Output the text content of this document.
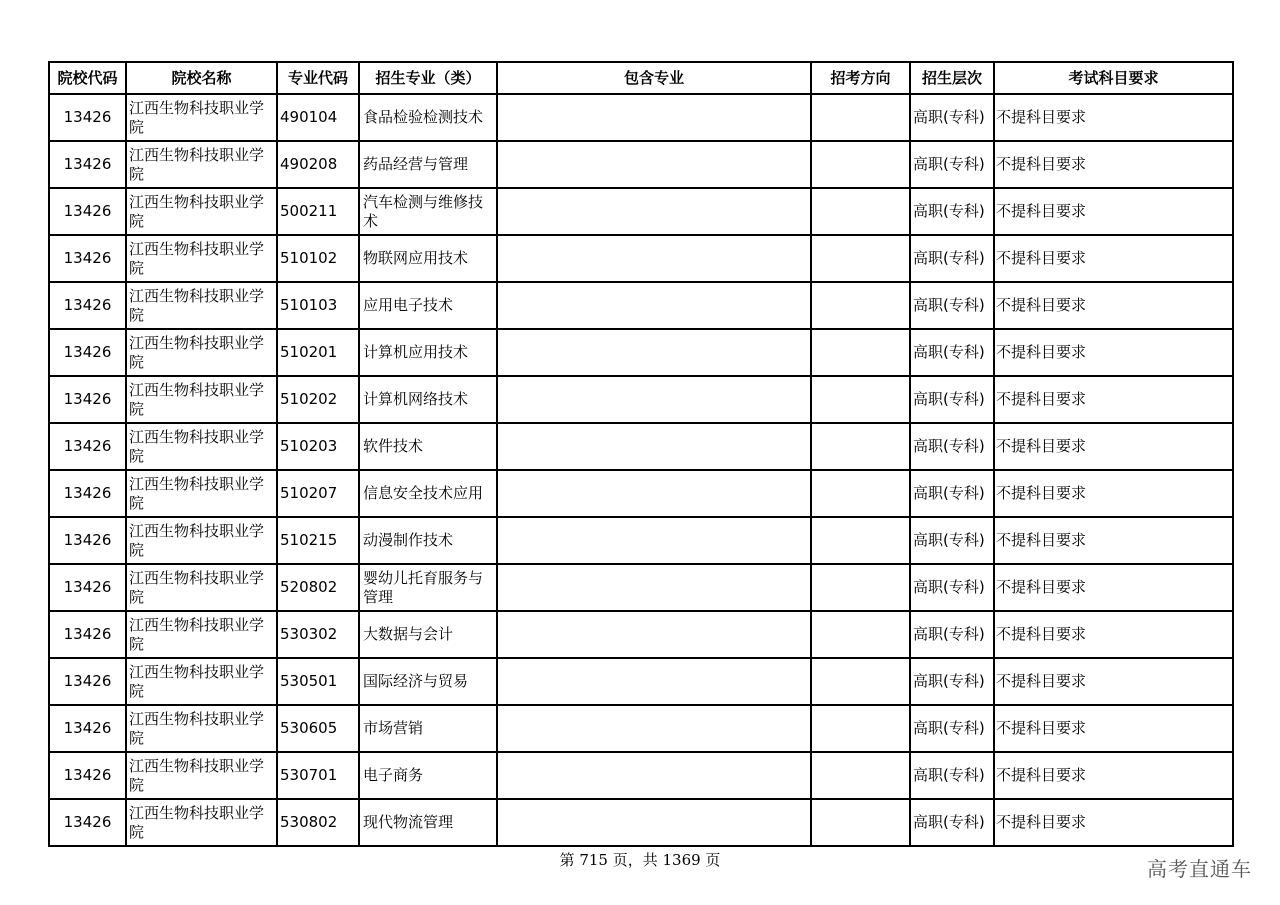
院校代码	院校名称	专业代码	招生专业（类）	包含专业	招考方向	招生层次	考试科目要求
13426	江西生物科技职业学院	490104	食品检验检测技术			高职(专科)	不提科目要求
13426	江西生物科技职业学院	490208	药品经营与管理			高职(专科)	不提科目要求
13426	江西生物科技职业学院	500211	汽车检测与维修技术			高职(专科)	不提科目要求
13426	江西生物科技职业学院	510102	物联网应用技术			高职(专科)	不提科目要求
13426	江西生物科技职业学院	510103	应用电子技术			高职(专科)	不提科目要求
13426	江西生物科技职业学院	510201	计算机应用技术			高职(专科)	不提科目要求
13426	江西生物科技职业学院	510202	计算机网络技术			高职(专科)	不提科目要求
13426	江西生物科技职业学院	510203	软件技术			高职(专科)	不提科目要求
13426	江西生物科技职业学院	510207	信息安全技术应用			高职(专科)	不提科目要求
13426	江西生物科技职业学院	510215	动漫制作技术			高职(专科)	不提科目要求
13426	江西生物科技职业学院	520802	婴幼儿托育服务与管理			高职(专科)	不提科目要求
13426	江西生物科技职业学院	530302	大数据与会计			高职(专科)	不提科目要求
13426	江西生物科技职业学院	530501	国际经济与贸易			高职(专科)	不提科目要求
13426	江西生物科技职业学院	530605	市场营销			高职(专科)	不提科目要求
13426	江西生物科技职业学院	530701	电子商务			高职(专科)	不提科目要求
13426	江西生物科技职业学院	530802	现代物流管理			高职(专科)	不提科目要求
第 715 页，共 1369 页	高考直通车
